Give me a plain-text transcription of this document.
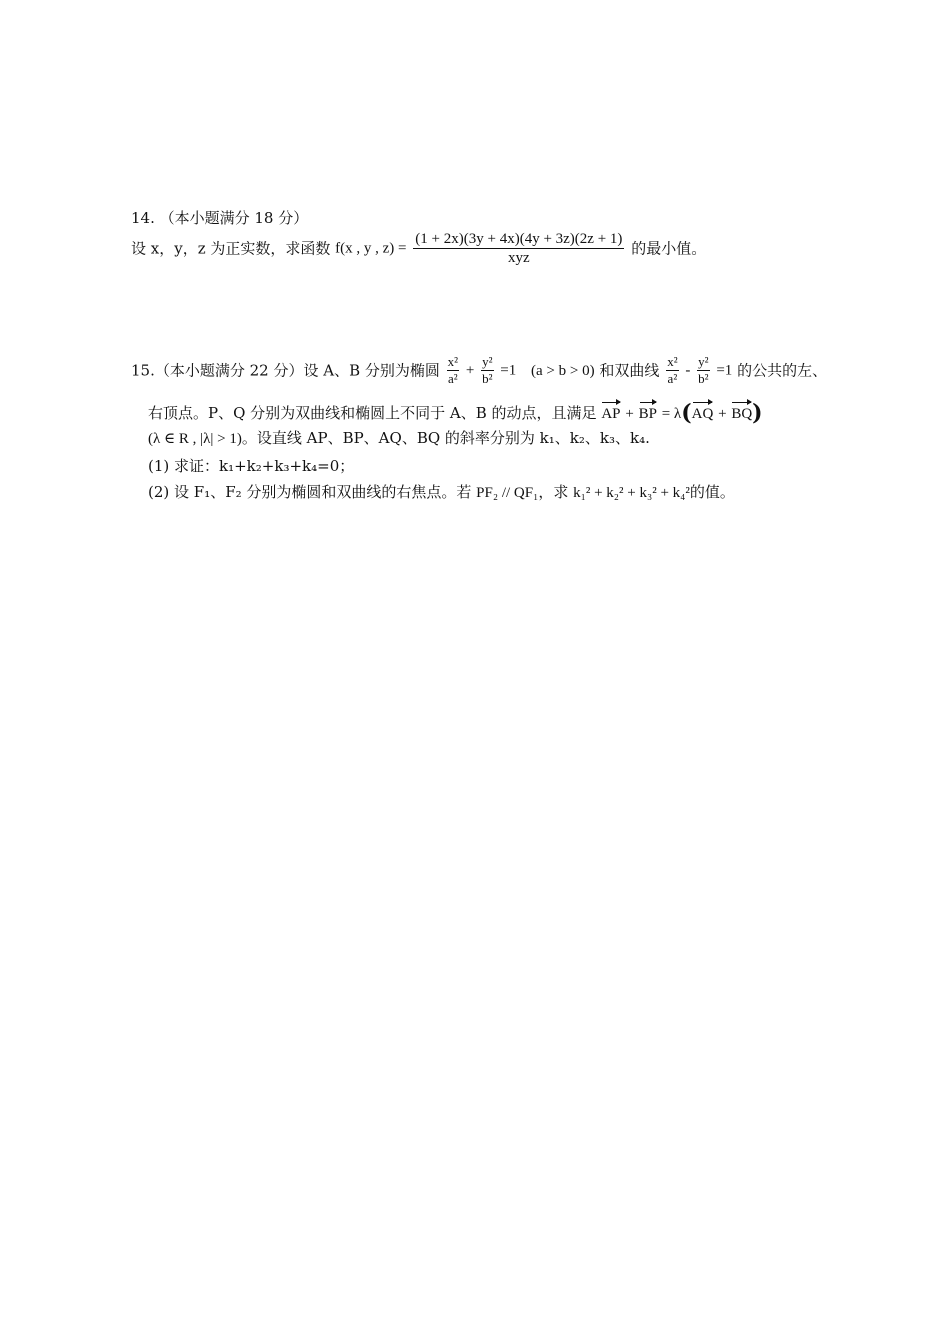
14. （本小题满分 18 分）
设 x，y，z 为正实数，求函数 f(x , y , $z) = \frac{(1 + 2x)(3y + 4x)(4y + 3z)(2z + 1)}{\text{xyz}}$ 的最小值。
15.（本小题满分 22 分）设 A、B 分别为椭圆 $\frac{\text{x²}}{\text{a²}} + \frac{\text{y²}}{\text{b²}} =1$ (a > b > 0) 和双曲线 $\frac{\text{x²}}{\text{a²}} - \frac{\text{y²}}{\text{b²}} =1$ 的公共的左、
右顶点。P、Q 分别为双曲线和椭圆上不同于 A、B 的动点，且满足 AP + BP = λ(AQ + BQ)
(λ ∈ R , |λ| > 1)。设直线 AP、BP、AQ、BQ 的斜率分别为 k₁、k₂、k₃、k₄.
(1) 求证：k₁+k₂+k₃+k₄=0；
(2) 设 F₁、F₂ 分别为椭圆和双曲线的右焦点。若 PF₂ // QF₁，求 k₁² + k₂² + k₃² + k₄²的值。
